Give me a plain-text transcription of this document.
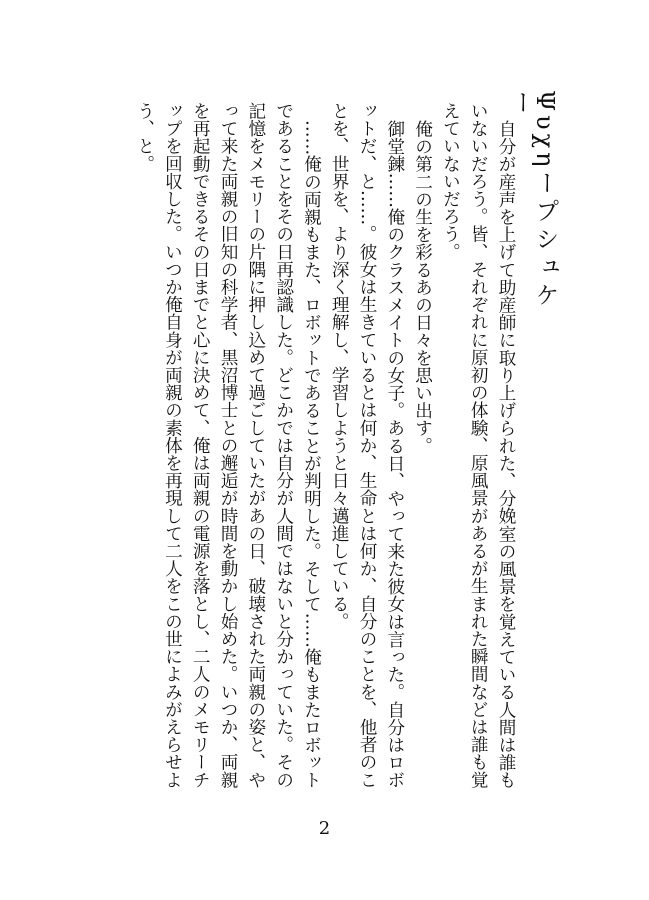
Ψυχηープシュケー

自分が産声を上げて助産師に取り上げられた、分娩室の風景を覚えている人間は誰もいないだろう。皆、それぞれに原初の体験、原風景があるが生まれた瞬間などは誰も覚えていないだろう。

俺の第二の生を彩るあの日々を思い出す。

御堂鍊……俺のクラスメイトの女子。ある日、やって来た彼女は言った。自分はロボットだ、と……。彼女は生きているとは何か、生命とは何か、自分のことを、他者のことを、世界を、より深く理解し、学習しようと日々邁進している。

……俺の両親もまた、ロボットであることが判明した。そして……俺もまたロボットであることをその日再認識した。どこかでは自分が人間ではないと分かっていた。その記憶をメモリーの片隅に押し込めて過ごしていたがあの日、破壊された両親の姿と、やって来た両親の旧知の科学者、黒沼博士との邂逅が時間を動かし始めた。いつか、両親を再起動できるその日までと心に決めて、俺は両親の電源を落とし、二人のメモリーチップを回収した。いつか俺自身が両親の素体を再現して二人をこの世によみがえらせよう、と。

2
